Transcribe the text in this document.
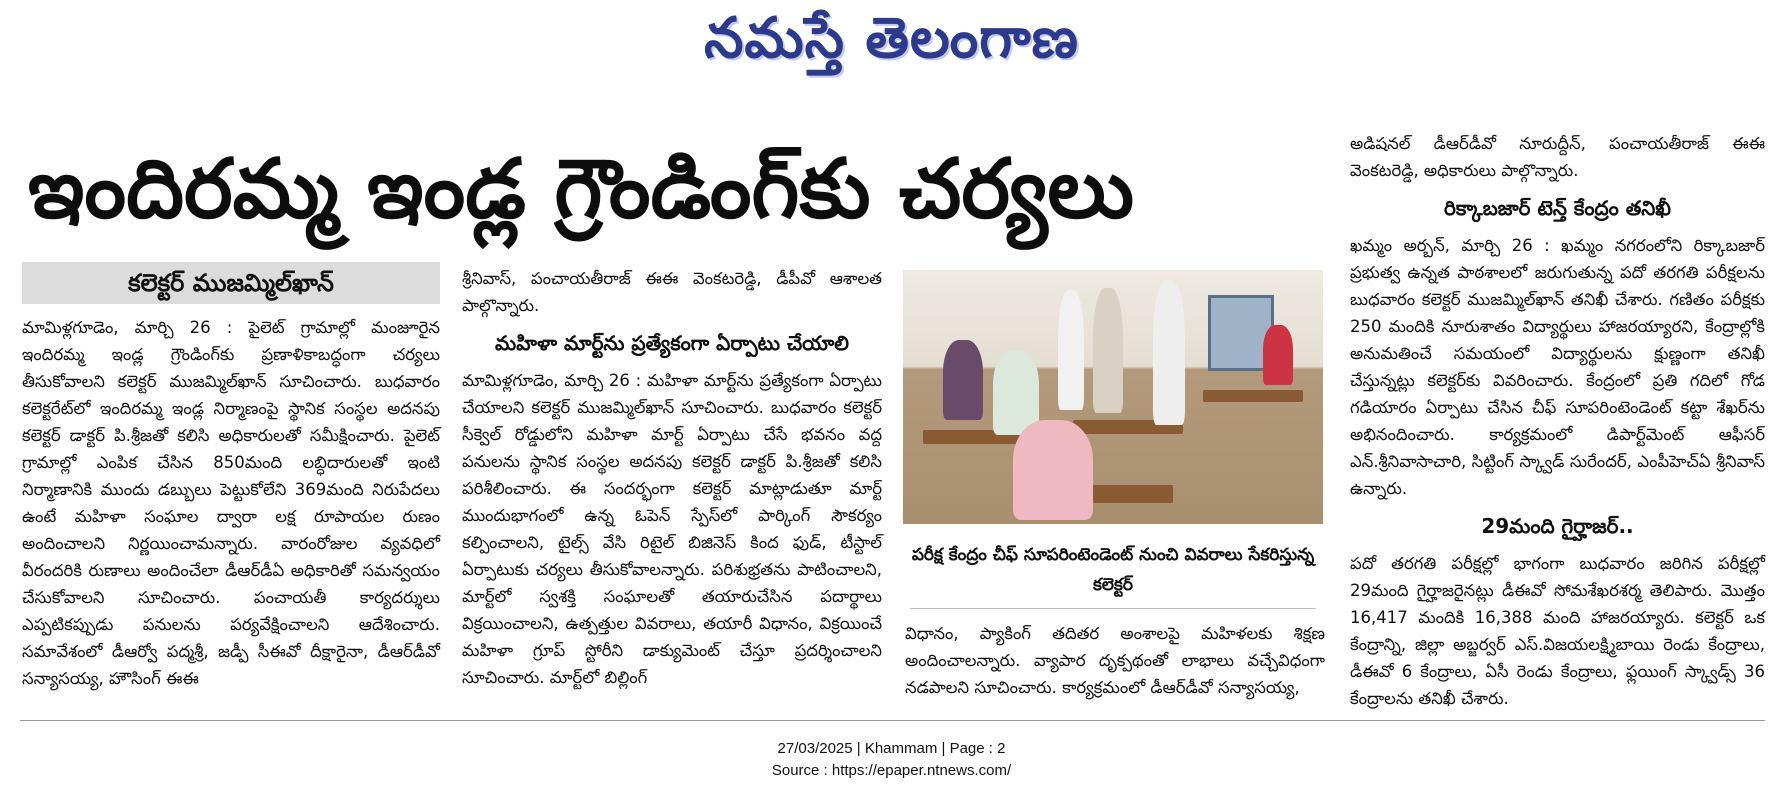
నమస్తే తెలంగాణ
ఇందిరమ్మ ఇండ్ల గ్రౌండింగ్‌కు చర్యలు
కలెక్టర్ ముజమ్మిల్‌ఖాన్

మామిళ్లగూడెం, మార్చి 26 : పైలెట్ గ్రామాల్లో మంజూరైన ఇందిరమ్మ ఇండ్ల గ్రౌండింగ్‌కు ప్రణాళికాబద్ధంగా చర్యలు తీసుకోవాలని కలెక్టర్ ముజమ్మిల్‌ఖాన్ సూచించారు. బుధవారం కలెక్టరేట్‌లో ఇందిరమ్మ ఇండ్ల నిర్మాణంపై స్థానిక సంస్థల అదనపు కలెక్టర్ డాక్టర్ పి.శ్రీజతో కలిసి అధికారులతో సమీక్షించారు. పైలెట్ గ్రామాల్లో ఎంపిక చేసిన 850మంది లబ్ధిదారులతో ఇంటి నిర్మాణానికి ముందు డబ్బులు పెట్టుకోలేని 369మంది నిరుపేదలు ఉంటే మహిళా సంఘాల ద్వారా లక్ష రూపాయల రుణం అందించాలని నిర్ణయించామన్నారు. వారంరోజుల వ్యవధిలో వీరందరికి రుణాలు అందించేలా డీఆర్‌డీఏ అధికారితో సమన్వయం చేసుకోవాలని సూచించారు. పంచాయతీ కార్యదర్శులు ఎప్పటికప్పుడు పనులను పర్యవేక్షించాలని ఆదేశించారు. సమావేశంలో డీఆర్వో పద్మశ్రీ, జడ్పీ సీఈవో దీక్షారైనా, డీఆర్‌డీవో సన్యాసయ్య, హౌసింగ్ ఈఈ

శ్రీనివాస్, పంచాయతీరాజ్ ఈఈ వెంకటరెడ్డి, డీపీవో ఆశాలత పాల్గొన్నారు.

మహిళా మార్ట్‌ను ప్రత్యేకంగా ఏర్పాటు చేయాలి

మామిళ్లగూడెం, మార్చి 26 : మహిళా మార్ట్‌ను ప్రత్యేకంగా ఏర్పాటు చేయాలని కలెక్టర్ ముజమ్మిల్‌ఖాన్ సూచించారు. బుధవారం కలెక్టర్ సీక్వెల్ రోడ్డులోని మహిళా మార్ట్ ఏర్పాటు చేసే భవనం వద్ద పనులను స్థానిక సంస్థల అదనపు కలెక్టర్ డాక్టర్ పి.శ్రీజతో కలిసి పరిశీలించారు. ఈ సందర్భంగా కలెక్టర్ మాట్లాడుతూ మార్ట్ ముందుభాగంలో ఉన్న ఓపెన్ స్పేస్‌లో పార్కింగ్ సౌకర్యం కల్పించాలని, టైల్స్ వేసి రిటైల్ బిజినెస్ కింద ఫుడ్, టీస్టాల్ ఏర్పాటుకు చర్యలు తీసుకోవాలన్నారు. పరిశుభ్రతను పాటించాలని, మార్ట్‌లో స్వశక్తి సంఘాలతో తయారుచేసిన పదార్థాలు విక్రయించాలని, ఉత్పత్తుల వివరాలు, తయారీ విధానం, విక్రయించే మహిళా గ్రూప్ స్టోరీని డాక్యుమెంట్ చేస్తూ ప్రదర్శించాలని సూచించారు. మార్ట్‌లో బిల్లింగ్

పరీక్ష కేంద్రం చీఫ్ సూపరింటెండెంట్ నుంచి వివరాలు సేకరిస్తున్న కలెక్టర్

విధానం, ప్యాకింగ్ తదితర అంశాలపై మహిళలకు శిక్షణ అందించాలన్నారు. వ్యాపార దృక్పథంతో లాభాలు వచ్చేవిధంగా నడపాలని సూచించారు. కార్యక్రమంలో డీఆర్‌డీవో సన్యాసయ్య,

అడిషనల్ డీఆర్‌డీవో నూరుద్దీన్, పంచాయతీరాజ్ ఈఈ వెంకటరెడ్డి, అధికారులు పాల్గొన్నారు.

రిక్కాబజార్ టెన్త్ కేంద్రం తనిఖీ

ఖమ్మం అర్బన్, మార్చి 26 : ఖమ్మం నగరంలోని రిక్కాబజార్ ప్రభుత్వ ఉన్నత పాఠశాలలో జరుగుతున్న పదో తరగతి పరీక్షలను బుధవారం కలెక్టర్ ముజమ్మిల్‌ఖాన్ తనిఖీ చేశారు. గణితం పరీక్షకు 250 మందికి నూరుశాతం విద్యార్థులు హాజరయ్యారని, కేంద్రాల్లోకి అనుమతించే సమయంలో విద్యార్థులను క్షుణ్ణంగా తనిఖీ చేస్తున్నట్లు కలెక్టర్‌కు వివరించారు. కేంద్రంలో ప్రతి గదిలో గోడ గడియారం ఏర్పాటు చేసిన చీఫ్ సూపరింటెండెంట్ కట్టా శేఖర్‌ను అభినందించారు. కార్యక్రమంలో డిపార్ట్‌మెంట్ ఆఫీసర్ ఎన్.శ్రీనివాసాచారి, సిట్టింగ్ స్క్వాడ్ సురేందర్, ఎంపీహెచ్ఏ శ్రీనివాస్ ఉన్నారు.

29మంది గైర్హాజర్..

పదో తరగతి పరీక్షల్లో భాగంగా బుధవారం జరిగిన పరీక్షల్లో 29మంది గైర్హాజరైనట్లు డీఈవో సోమశేఖరశర్మ తెలిపారు. మొత్తం 16,417 మందికి 16,388 మంది హాజరయ్యారు. కలెక్టర్ ఒక కేంద్రాన్ని, జిల్లా అబ్జర్వర్ ఎస్.విజయలక్ష్మిబాయి రెండు కేంద్రాలు, డీఈవో 6 కేంద్రాలు, ఏసీ రెండు కేంద్రాలు, ఫ్లయింగ్ స్క్వాడ్స్ 36 కేంద్రాలను తనిఖీ చేశారు.

27/03/2025 | Khammam | Page : 2
Source : https://epaper.ntnews.com/
